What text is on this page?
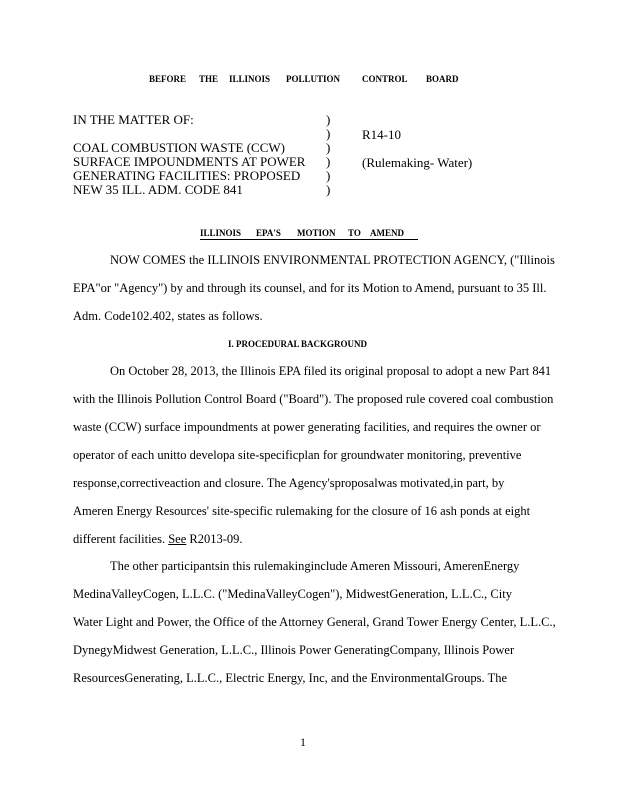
BEFORE THE ILLINOIS POLLUTION CONTROL BOARD
IN THE MATTER OF:
COAL COMBUSTION WASTE (CCW)
SURFACE IMPOUNDMENTS AT POWER
GENERATING FACILITIES: PROPOSED
NEW 35 ILL. ADM. CODE 841
)
)
)
)
)
)
R14-10
(Rulemaking- Water)
ILLINOIS EPA'S MOTION TO AMEND
NOW COMES the ILLINOIS ENVIRONMENTAL PROTECTION AGENCY, ("Illinois
EPA"or "Agency") by and through its counsel, and for its Motion to Amend, pursuant to 35 Ill.
Adm. Code102.402, states as follows.
I. PROCEDURAL BACKGROUND
On October 28, 2013, the Illinois EPA filed its original proposal to adopt a new Part 841
with the Illinois Pollution Control Board ("Board"). The proposed rule covered coal combustion
waste (CCW) surface impoundments at power generating facilities, and requires the owner or
operator of each unitto developa site-specificplan for groundwater monitoring, preventive
response,correctiveaction and closure. The Agency'sproposalwas motivated,in part, by
Ameren Energy Resources' site-specific rulemaking for the closure of 16 ash ponds at eight
different facilities. See R2013-09.
The other participantsin this rulemakinginclude Ameren Missouri, AmerenEnergy
MedinaValleyCogen, L.L.C. ("MedinaValleyCogen"), MidwestGeneration, L.L.C., City
Water Light and Power, the Office of the Attorney General, Grand Tower Energy Center, L.L.C.,
DynegyMidwest Generation, L.L.C., Illinois Power GeneratingCompany, Illinois Power
ResourcesGenerating, L.L.C., Electric Energy, Inc, and the EnvironmentalGroups. The
1
